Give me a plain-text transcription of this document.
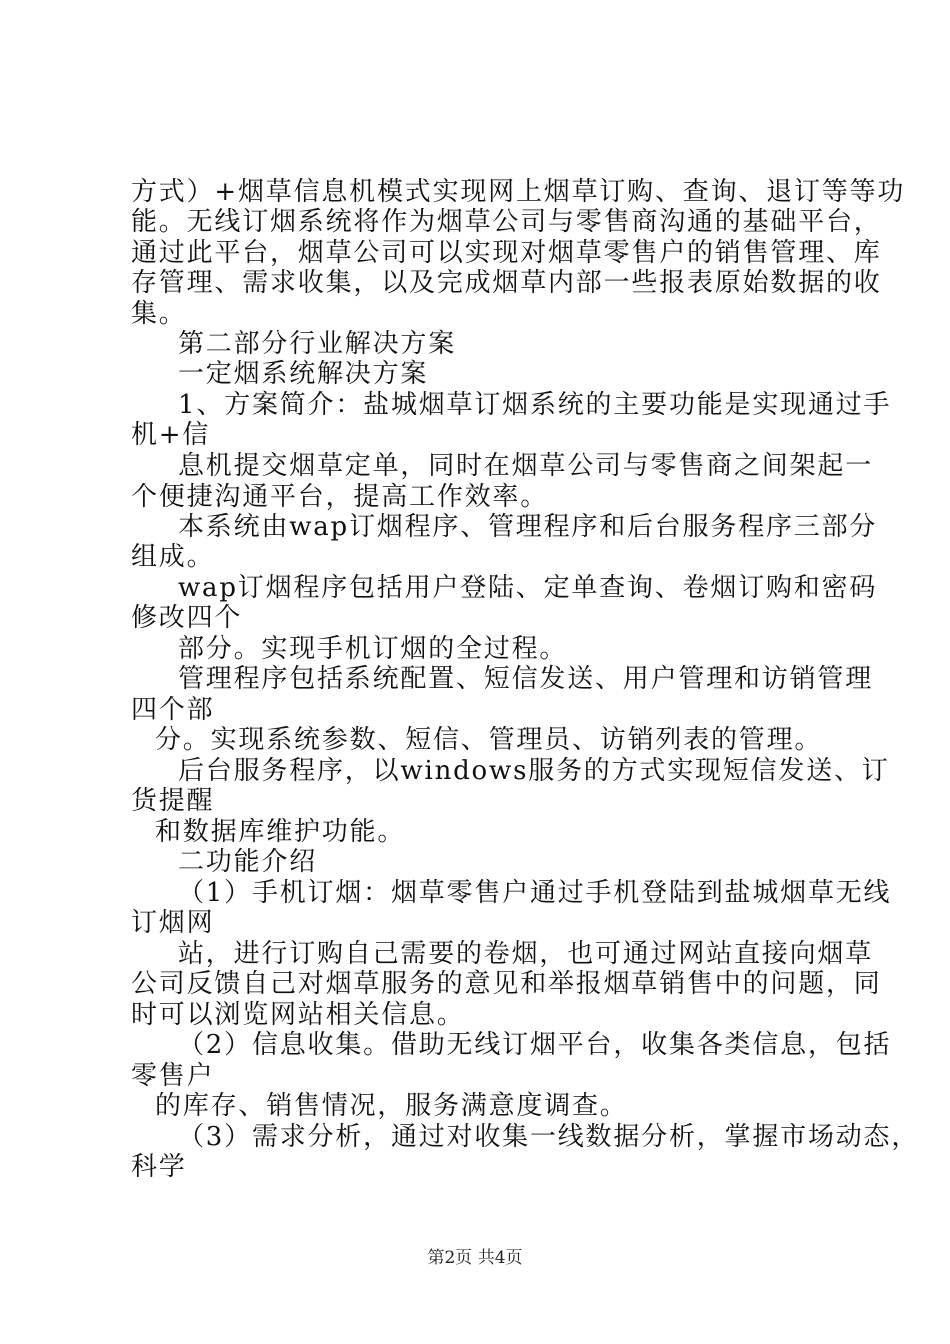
方式）+烟草信息机模式实现网上烟草订购、查询、退订等等功
能。无线订烟系统将作为烟草公司与零售商沟通的基础平台，
通过此平台，烟草公司可以实现对烟草零售户的销售管理、库
存管理、需求收集，以及完成烟草内部一些报表原始数据的收
集。
第二部分行业解决方案
一定烟系统解决方案
1、方案简介：盐城烟草订烟系统的主要功能是实现通过手
机+信
息机提交烟草定单，同时在烟草公司与零售商之间架起一
个便捷沟通平台，提高工作效率。
本系统由wap订烟程序、管理程序和后台服务程序三部分
组成。
wap订烟程序包括用户登陆、定单查询、卷烟订购和密码
修改四个
部分。实现手机订烟的全过程。
管理程序包括系统配置、短信发送、用户管理和访销管理
四个部
分。实现系统参数、短信、管理员、访销列表的管理。
后台服务程序，以windows服务的方式实现短信发送、订
货提醒
和数据库维护功能。
二功能介绍
（1）手机订烟：烟草零售户通过手机登陆到盐城烟草无线
订烟网
站，进行订购自己需要的卷烟，也可通过网站直接向烟草
公司反馈自己对烟草服务的意见和举报烟草销售中的问题，同
时可以浏览网站相关信息。
（2）信息收集。借助无线订烟平台，收集各类信息，包括
零售户
的库存、销售情况，服务满意度调查。
（3）需求分析，通过对收集一线数据分析，掌握市场动态，
科学
第2页 共4页
